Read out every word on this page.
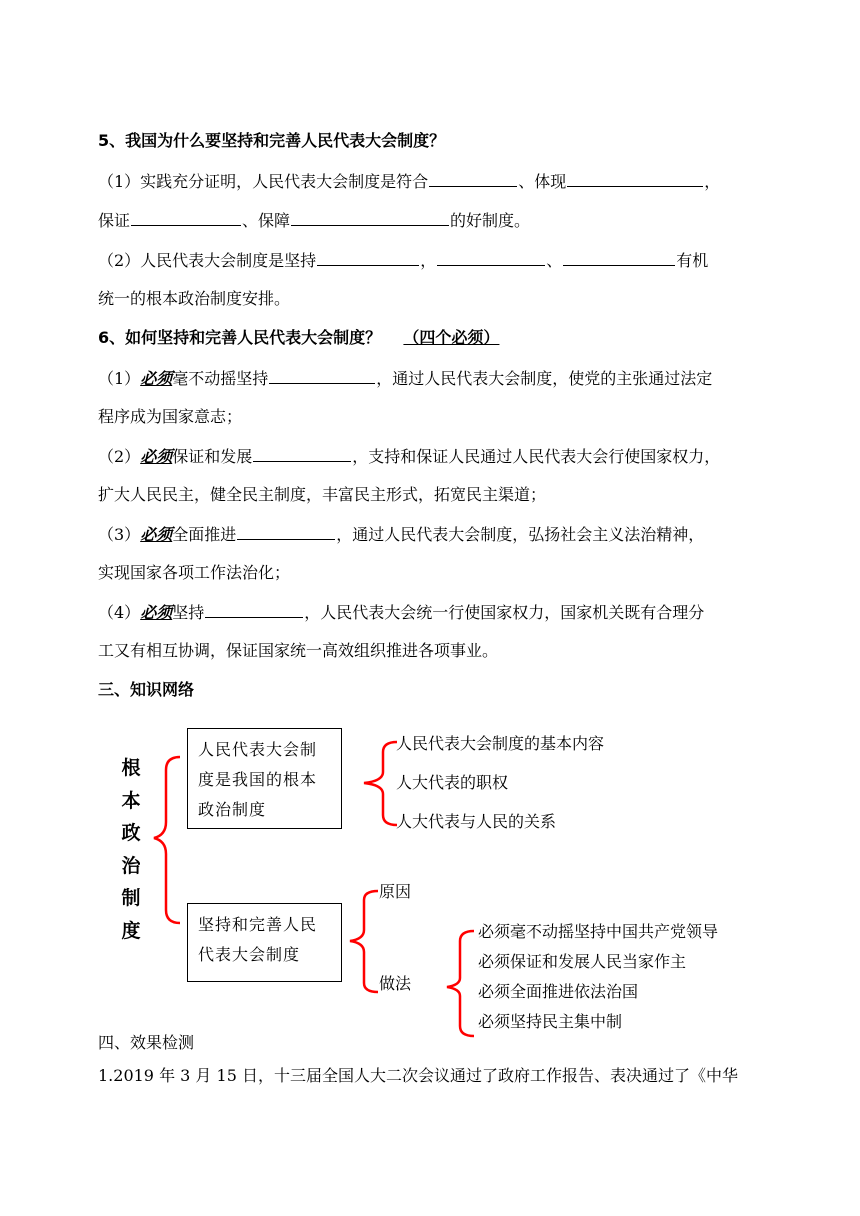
5、我国为什么要坚持和完善人民代表大会制度？
（1）实践充分证明，人民代表大会制度是符合	、体现	，
保证	、保障	的好制度。
（2）人民代表大会制度是坚持	，	、	有机
统一的根本政治制度安排。
6、如何坚持和完善人民代表大会制度？ （四个必须）
（1）必须毫不动摇坚持	，通过人民代表大会制度，使党的主张通过法定
程序成为国家意志；
（2）必须保证和发展	，支持和保证人民通过人民代表大会行使国家权力，
扩大人民民主，健全民主制度，丰富民主形式，拓宽民主渠道；
（3）必须全面推进	，通过人民代表大会制度，弘扬社会主义法治精神，
实现国家各项工作法治化；
（4）必须坚持	，人民代表大会统一行使国家权力，国家机关既有合理分
工又有相互协调，保证国家统一高效组织推进各项事业。
三、知识网络
根本政治制度
人民代表大会制度是我国的根本政治制度
人民代表大会制度的基本内容
人大代表的职权
人大代表与人民的关系
坚持和完善人民代表大会制度
原因
做法
必须毫不动摇坚持中国共产党领导
必须保证和发展人民当家作主
必须全面推进依法治国
必须坚持民主集中制
四、效果检测
1.2019 年 3 月 15 日，十三届全国人大二次会议通过了政府工作报告、表决通过了《中华
